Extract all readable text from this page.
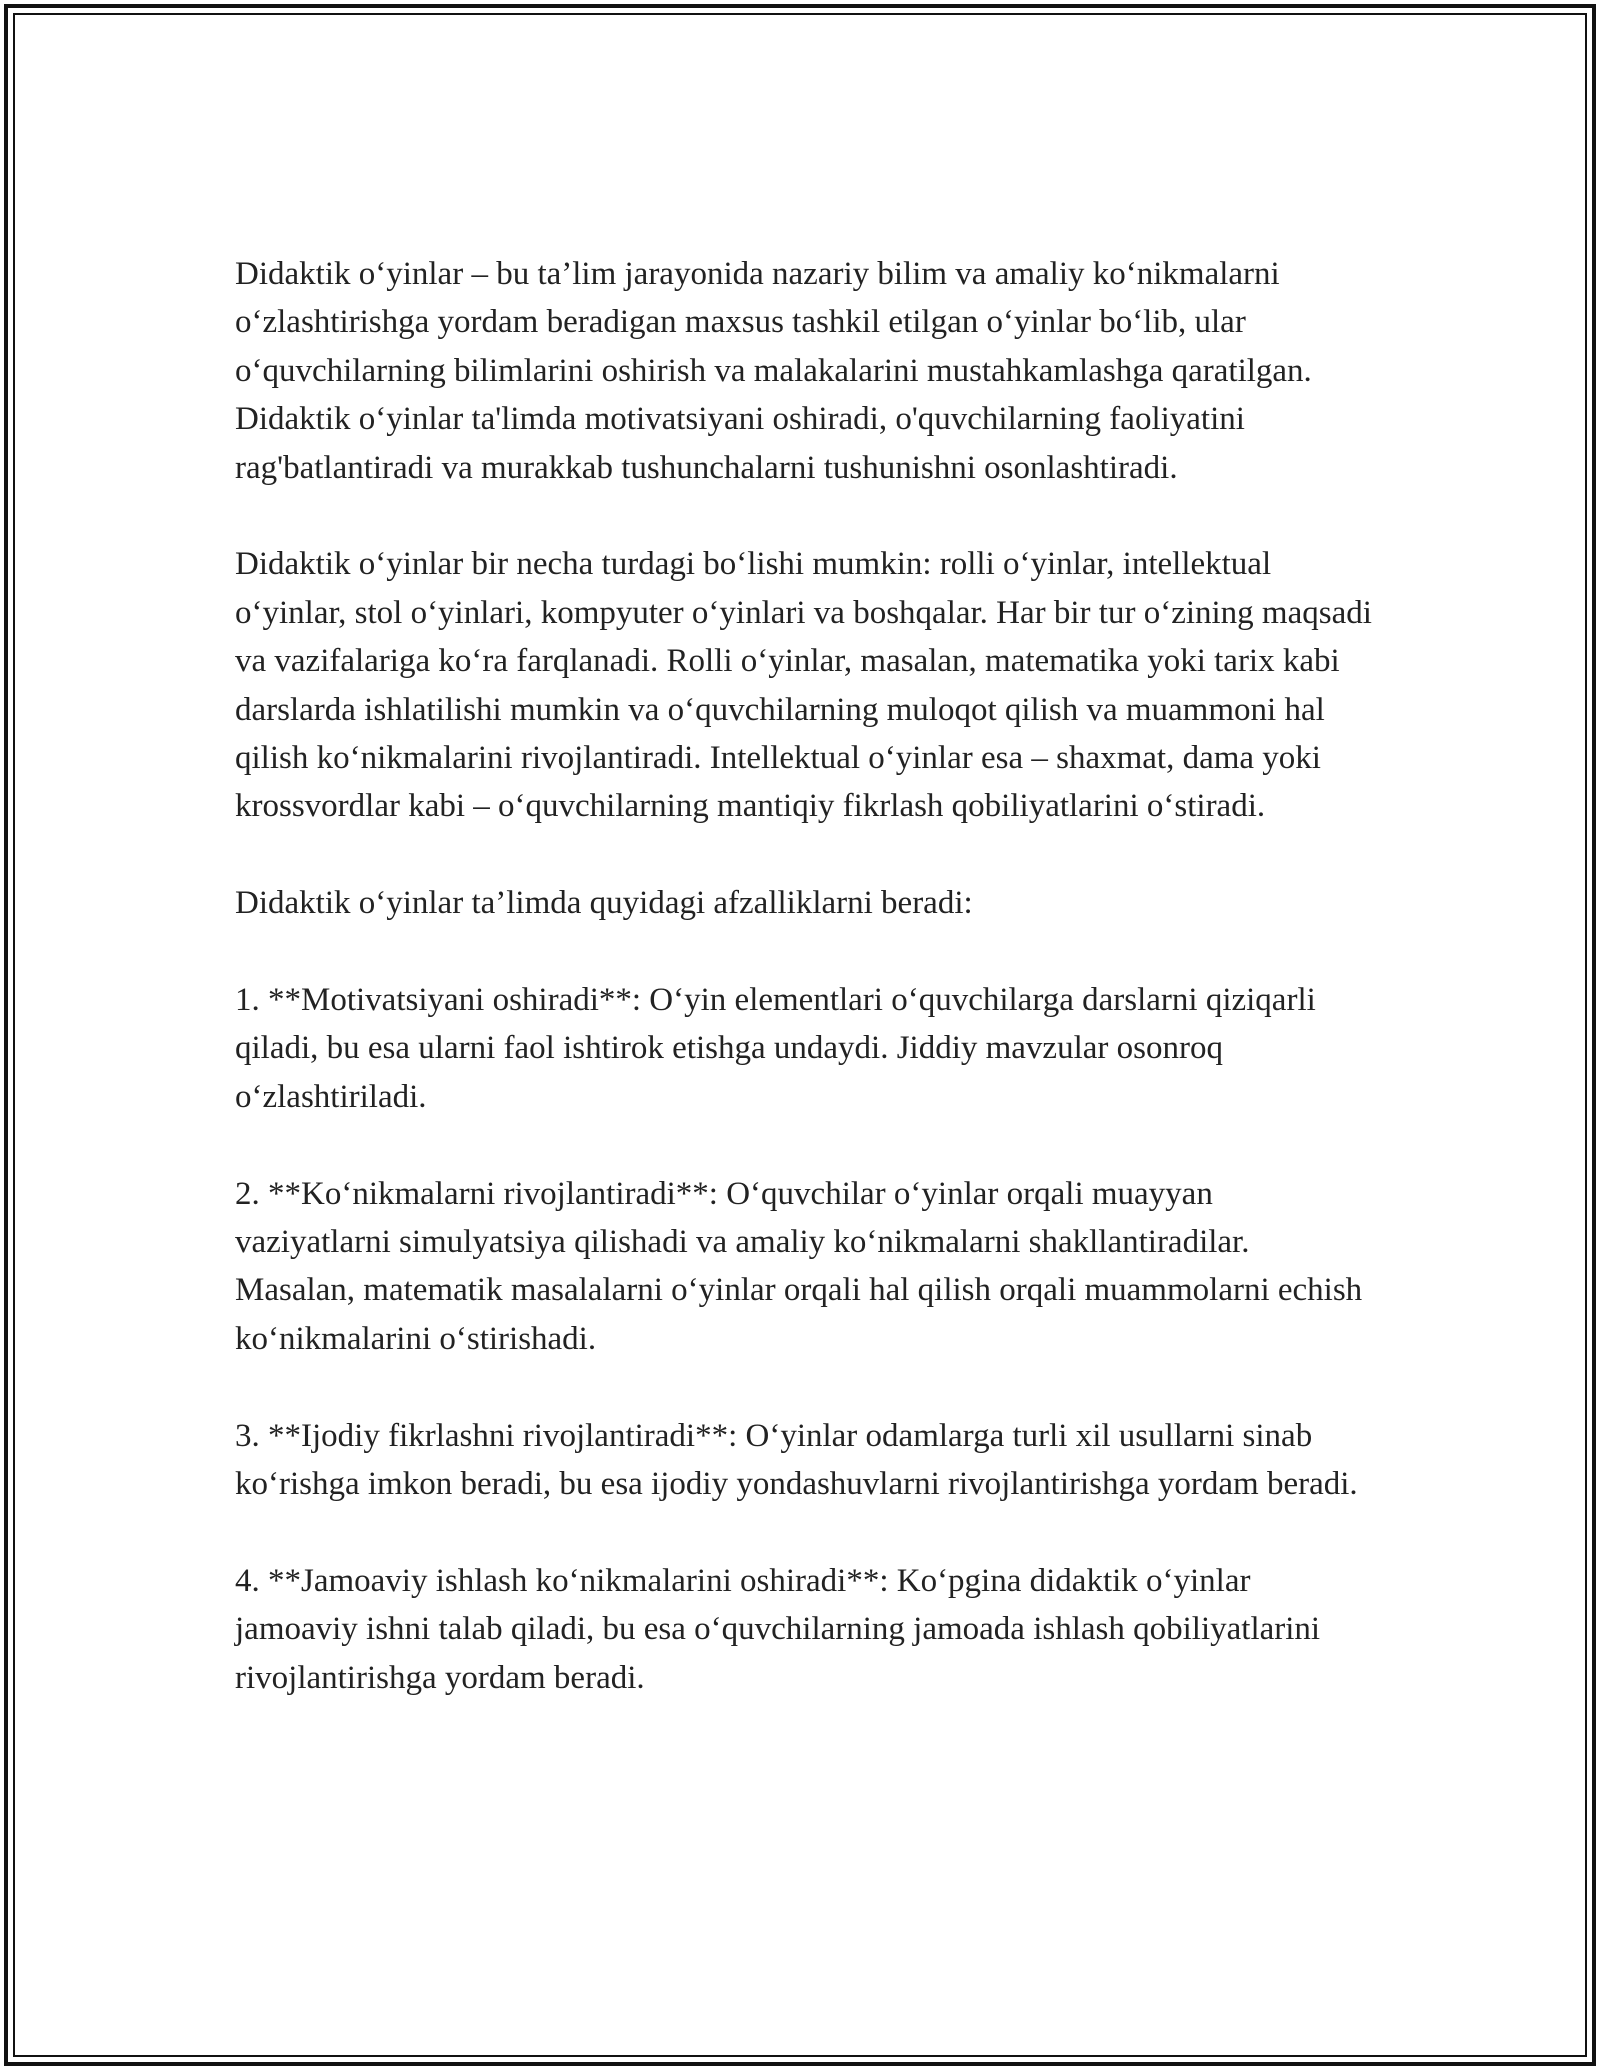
Didaktik o‘yinlar – bu ta’lim jarayonida nazariy bilim va amaliy ko‘nikmalarni o‘zlashtirishga yordam beradigan maxsus tashkil etilgan o‘yinlar bo‘lib, ular o‘quvchilarning bilimlarini oshirish va malakalarini mustahkamlashga qaratilgan. Didaktik o‘yinlar ta'limda motivatsiyani oshiradi, o'quvchilarning faoliyatini rag'batlantiradi va murakkab tushunchalarni tushunishni osonlashtiradi.

Didaktik o‘yinlar bir necha turdagi bo‘lishi mumkin: rolli o‘yinlar, intellektual o‘yinlar, stol o‘yinlari, kompyuter o‘yinlari va boshqalar. Har bir tur o‘zining maqsadi va vazifalariga ko‘ra farqlanadi. Rolli o‘yinlar, masalan, matematika yoki tarix kabi darslarda ishlatilishi mumkin va o‘quvchilarning muloqot qilish va muammoni hal qilish ko‘nikmalarini rivojlantiradi. Intellektual o‘yinlar esa – shaxmat, dama yoki krossvordlar kabi – o‘quvchilarning mantiqiy fikrlash qobiliyatlarini o‘stiradi.

Didaktik o‘yinlar ta’limda quyidagi afzalliklarni beradi:

1. **Motivatsiyani oshiradi**: O‘yin elementlari o‘quvchilarga darslarni qiziqarli qiladi, bu esa ularni faol ishtirok etishga undaydi. Jiddiy mavzular osonroq o‘zlashtiriladi.

2. **Ko‘nikmalarni rivojlantiradi**: O‘quvchilar o‘yinlar orqali muayyan vaziyatlarni simulyatsiya qilishadi va amaliy ko‘nikmalarni shakllantiradilar. Masalan, matematik masalalarni o‘yinlar orqali hal qilish orqali muammolarni echish ko‘nikmalarini o‘stirishadi.

3. **Ijodiy fikrlashni rivojlantiradi**: O‘yinlar odamlarga turli xil usullarni sinab ko‘rishga imkon beradi, bu esa ijodiy yondashuvlarni rivojlantirishga yordam beradi.

4. **Jamoaviy ishlash ko‘nikmalarini oshiradi**: Ko‘pgina didaktik o‘yinlar jamoaviy ishni talab qiladi, bu esa o‘quvchilarning jamoada ishlash qobiliyatlarini rivojlantirishga yordam beradi.
